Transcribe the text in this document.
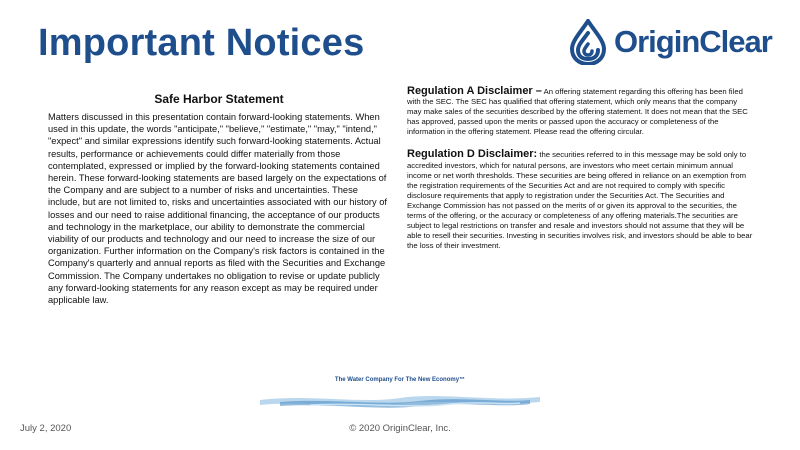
Important Notices	OriginClear
Safe Harbor Statement

Matters discussed in this presentation contain forward-looking statements. When used in this update, the words "anticipate," "believe," "estimate," "may," "intend," "expect" and similar expressions identify such forward-looking statements. Actual results, performance or achievements could differ materially from those contemplated, expressed or implied by the forward-looking statements contained herein. These forward-looking statements are based largely on the expectations of the Company and are subject to a number of risks and uncertainties. These include, but are not limited to, risks and uncertainties associated with our history of losses and our need to raise additional financing, the acceptance of our products and technology in the marketplace, our ability to demonstrate the commercial viability of our products and technology and our need to increase the size of our organization. Further information on the Company's risk factors is contained in the Company's quarterly and annual reports as filed with the Securities and Exchange Commission. The Company undertakes no obligation to revise or update publicly any forward-looking statements for any reason except as may be required under applicable law.

Regulation A Disclaimer – An offering statement regarding this offering has been filed with the SEC. The SEC has qualified that offering statement, which only means that the company may make sales of the securities described by the offering statement. It does not mean that the SEC has approved, passed upon the merits or passed upon the accuracy or completeness of the information in the offering statement. Please read the offering circular.

Regulation D Disclaimer: the securities referred to in this message may be sold only to accredited investors, which for natural persons, are investors who meet certain minimum annual income or net worth thresholds. These securities are being offered in reliance on an exemption from the registration requirements of the Securities Act and are not required to comply with specific disclosure requirements that apply to registration under the Securities Act. The Securities and Exchange Commission has not passed on the merits of or given its approval to the securities, the terms of the offering, or the accuracy or completeness of any offering materials.The securities are subject to legal restrictions on transfer and resale and investors should not assume that they will be able to resell their securities. Investing in securities involves risk, and investors should be able to bear the loss of their investment.

The Water Company For The New Economy™
July 2, 2020	© 2020 OriginClear, Inc.
